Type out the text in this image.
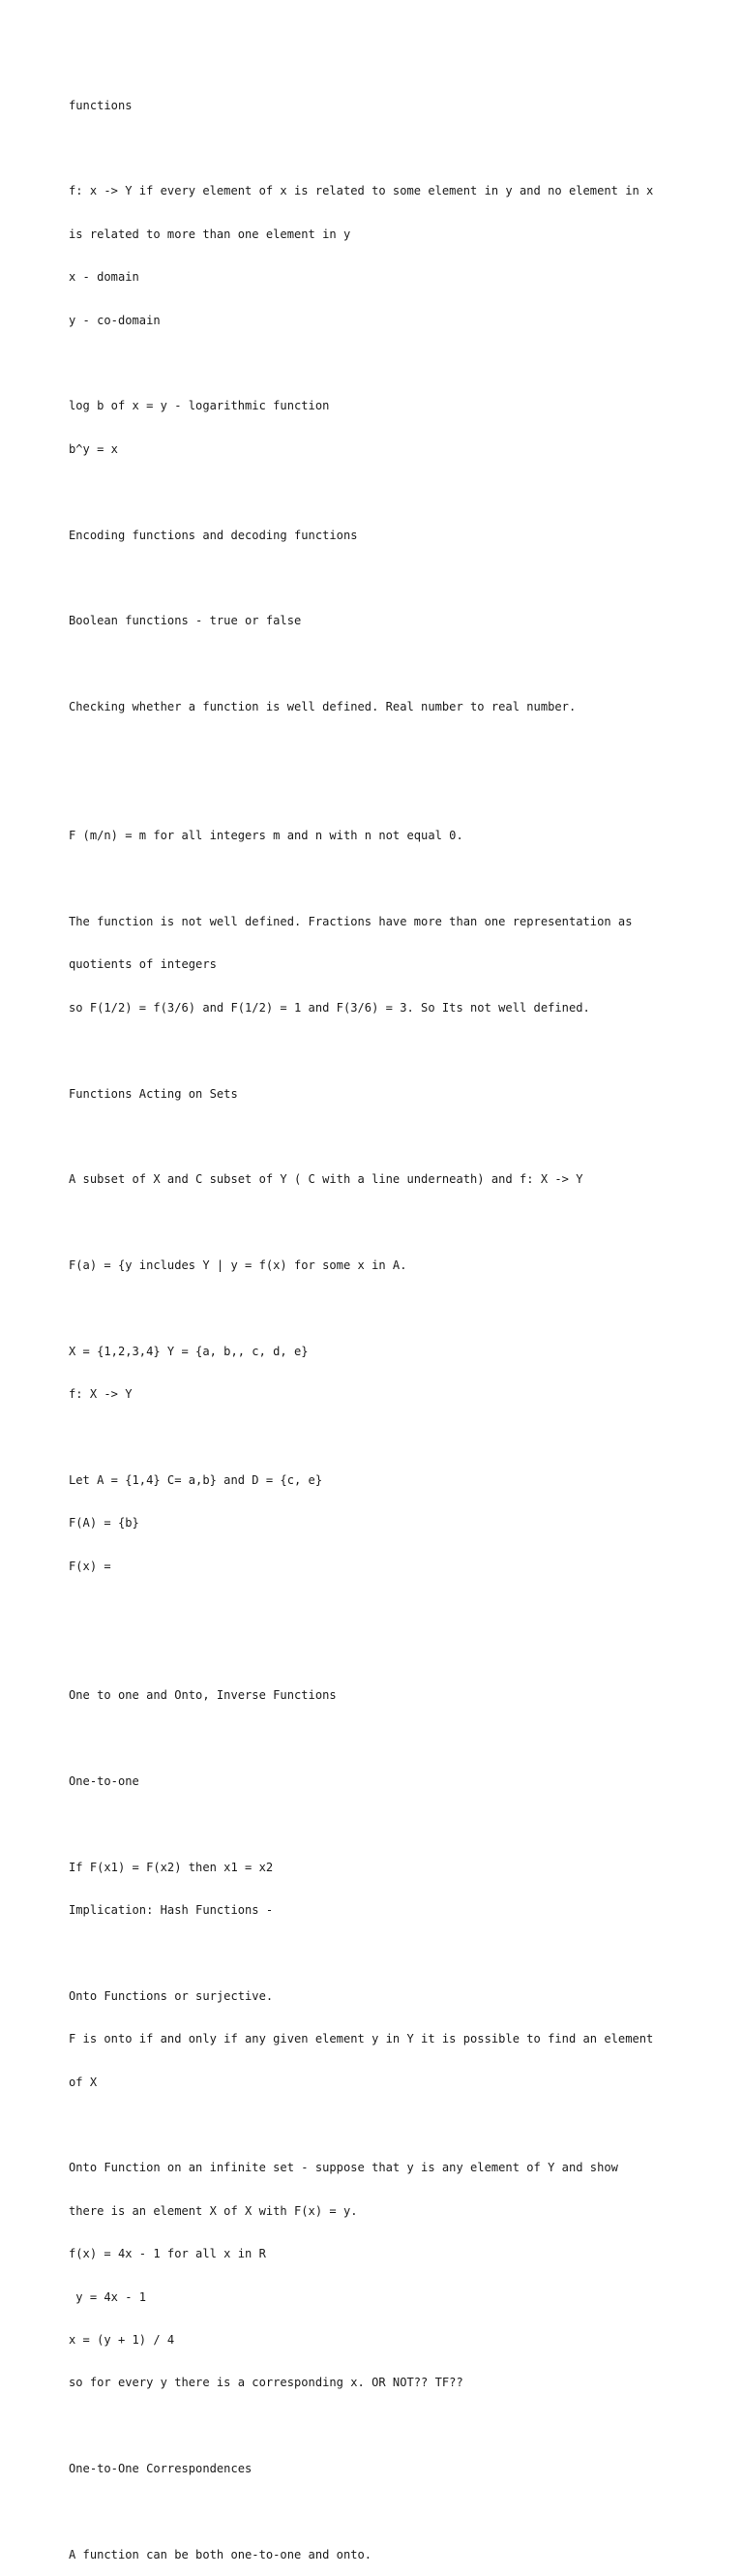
functions

f: x -> Y if every element of x is related to some element in y and no element in x

is related to more than one element in y

x - domain

y - co-domain

log b of x = y - logarithmic function

b^y = x

Encoding functions and decoding functions

Boolean functions - true or false

Checking whether a function is well defined. Real number to real number.

F (m/n) = m for all integers m and n with n not equal 0.

The function is not well defined. Fractions have more than one representation as

quotients of integers

so F(1/2) = f(3/6) and F(1/2) = 1 and F(3/6) = 3. So Its not well defined.

Functions Acting on Sets

A subset of X and C subset of Y ( C with a line underneath) and f: X -> Y

F(a) = {y includes Y | y = f(x) for some x in A.

X = {1,2,3,4} Y = {a, b,, c, d, e}

f: X -> Y

Let A = {1,4} C= a,b} and D = {c, e}

F(A) = {b}

F(x) =

One to one and Onto, Inverse Functions

One-to-one

If F(x1) = F(x2) then x1 = x2

Implication: Hash Functions -

Onto Functions or surjective.

F is onto if and only if any given element y in Y it is possible to find an element

of X

Onto Function on an infinite set - suppose that y is any element of Y and show

there is an element X of X with F(x) = y.

f(x) = 4x - 1 for all x in R

y = 4x - 1

x = (y + 1) / 4

so for every y there is a corresponding x. OR NOT?? TF??

One-to-One Correspondences

A function can be both one-to-one and onto.
